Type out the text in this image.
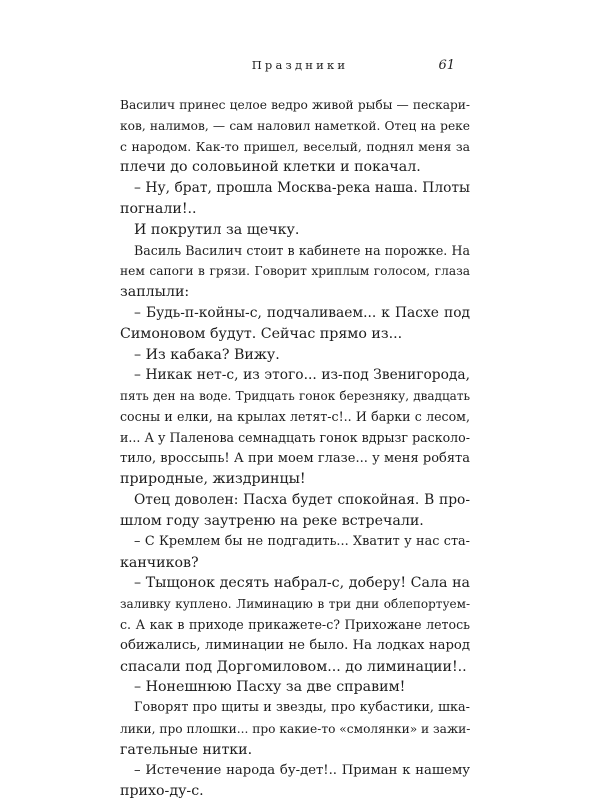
Праздники	61
Василич принес целое ведро живой рыбы — пескари-
ков, налимов, — сам наловил наметкой. Отец на реке
с народом. Как-то пришел, веселый, поднял меня за
плечи до соловьиной клетки и покачал.
– Ну, брат, прошла Москва-река наша. Плоты
погнали!..
И покрутил за щечку.
Василь Василич стоит в кабинете на порожке. На
нем сапоги в грязи. Говорит хриплым голосом, глаза
заплыли:
– Будь-п-койны-с, подчаливаем... к Пасхе под
Симоновом будут. Сейчас прямо из...
– Из кабака? Вижу.
– Никак нет-с, из этого... из-под Звенигорода,
пять ден на воде. Тридцать гонок березняку, двадцать
сосны и елки, на крылах летят-с!.. И барки с лесом,
и... А у Паленова семнадцать гонок вдрызг расколо-
тило, вроссыпь! А при моем глазе... у меня робята
природные, жиздринцы!
Отец доволен: Пасха будет спокойная. В про-
шлом году заутреню на реке встречали.
– С Кремлем бы не подгадить... Хватит у нас ста-
канчиков?
– Тыщонок десять набрал-с, доберу! Сала на
заливку куплено. Лиминацию в три дни облепортуем-
с. А как в приходе прикажете-с? Прихожане летось
обижались, лиминации не было. На лодках народ
спасали под Доргомиловом... до лиминации!..
– Нонешнюю Пасху за две справим!
Говорят про щиты и звезды, про кубастики, шка-
лики, про плошки... про какие-то «смолянки» и зажи-
гательные нитки.
– Истечение народа бу-дет!.. Приман к нашему
прихо-ду-с.
